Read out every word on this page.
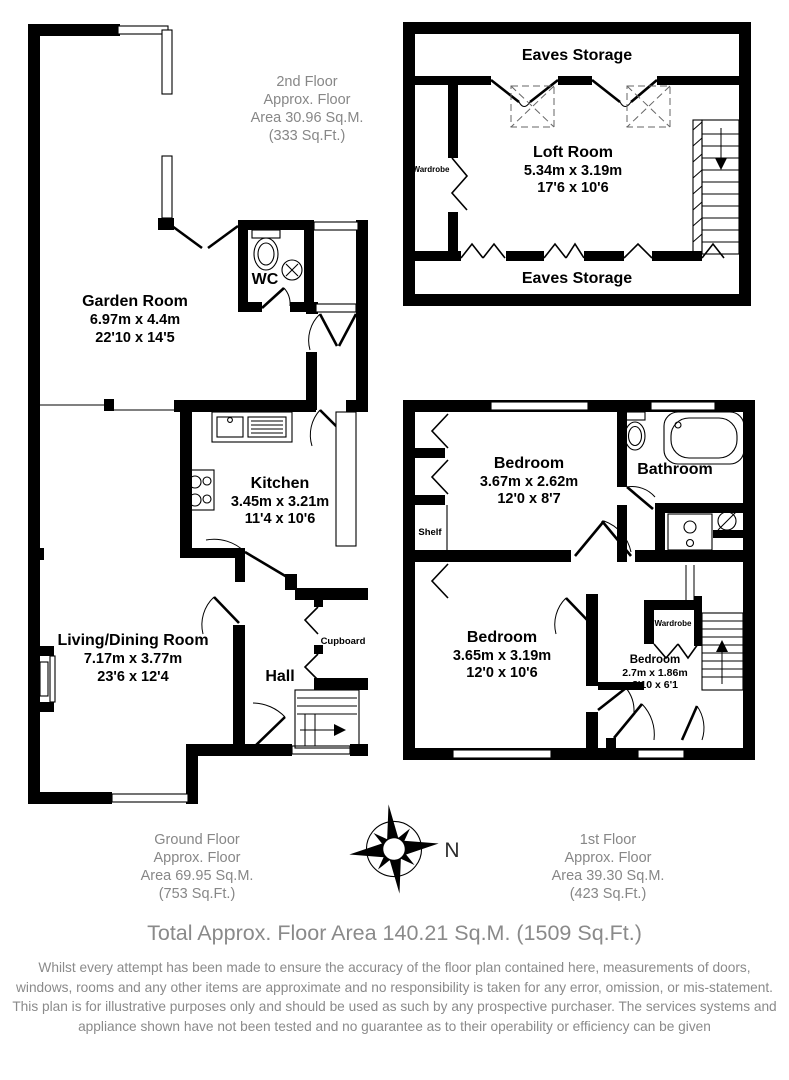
Garden Room
6.97m x 4.4m
22'10 x 14'5
WC
Kitchen
3.45m x 3.21m
11'4 x 10'6
Living/Dining Room
7.17m x 3.77m
23'6 x 12'4	Hall
Cupboard
Eaves Storage
Loft Room
5.34m x 3.19m
17'6 x 10'6
Wardrobe
Eaves Storage
Bedroom
3.67m x 2.62m
12'0 x 8'7
Bathroom
Shelf
Bedroom
3.65m x 3.19m
12'0 x 10'6
Wardrobe
Bedroom
2.7m x 1.86m
8'10 x 6'1
2nd Floor
Approx. Floor
Area 30.96 Sq.M.
(333 Sq.Ft.)
Ground Floor
Approx. Floor
Area 69.95 Sq.M.
(753 Sq.Ft.)
1st Floor
Approx. Floor
Area 39.30 Sq.M.
(423 Sq.Ft.)
N
Total Approx. Floor Area 140.21 Sq.M. (1509 Sq.Ft.)
Whilst every attempt has been made to ensure the accuracy of the floor plan contained here, measurements of doors, windows, rooms and any other items are approximate and no responsibility is taken for any error, omission, or mis-statement. This plan is for illustrative purposes only and should be used as such by any prospective purchaser. The services systems and appliance shown have not been tested and no guarantee as to their operability or efficiency can be given
